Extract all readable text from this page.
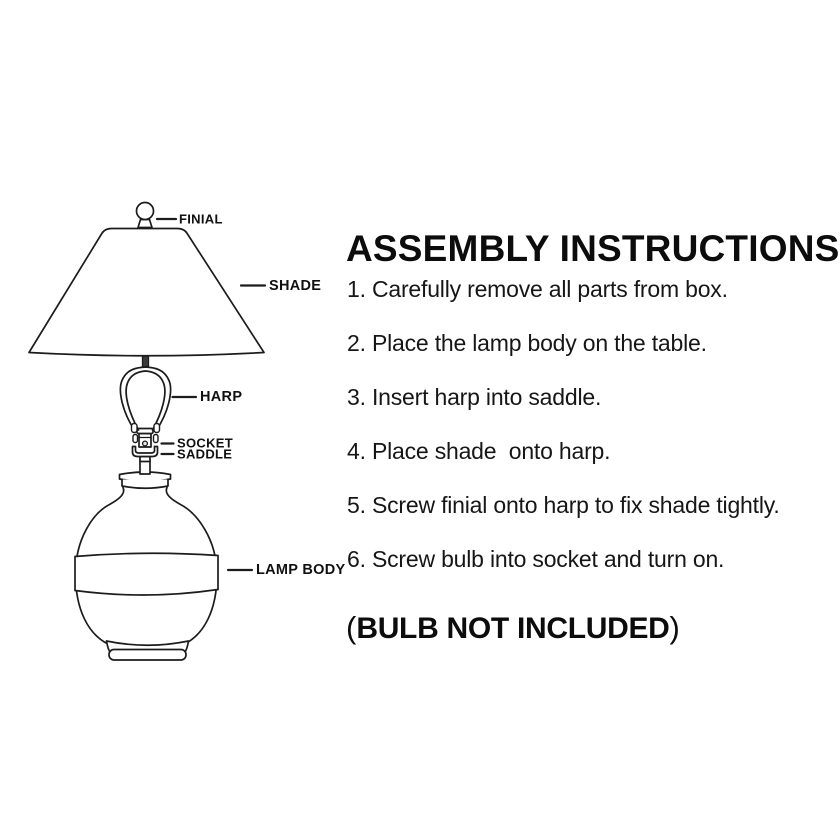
FINIAL
SHADE
HARP
SOCKET
SADDLE
LAMP BODY
ASSEMBLY INSTRUCTIONS
1. Carefully remove all parts from box.
2. Place the lamp body on the table.
3. Insert harp into saddle.
4. Place shade  onto harp.
5. Screw finial onto harp to fix shade tightly.
6. Screw bulb into socket and turn on.
(BULB NOT INCLUDED)
